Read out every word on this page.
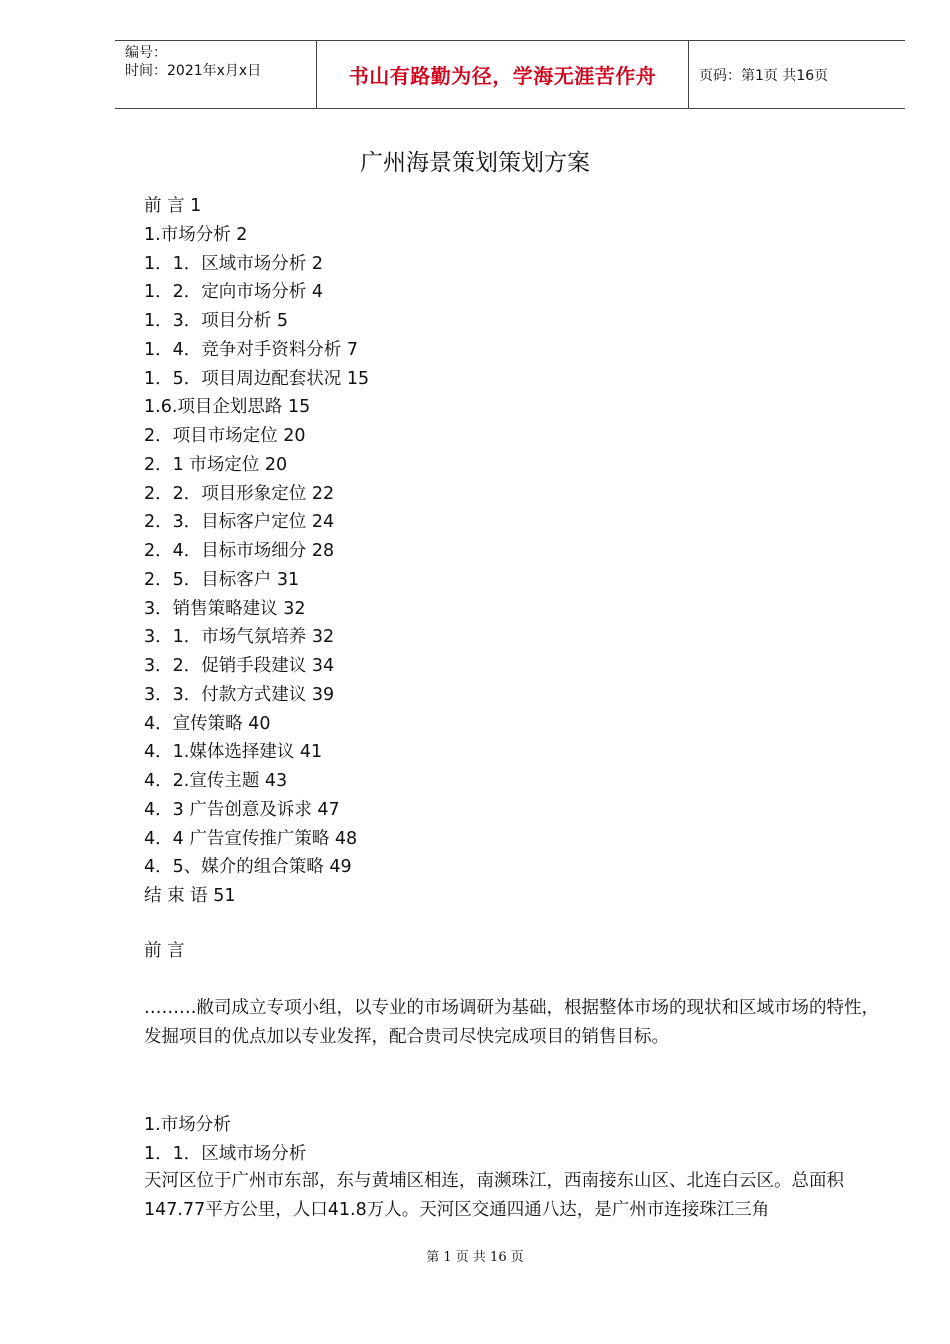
编号：
时间：2021年x月x日	书山有路勤为径，学海无涯苦作舟	页码：第1页 共16页
广州海景策划策划方案
前 言 1
1.市场分析 2
1．1．区域市场分析 2
1．2．定向市场分析 4
1．3．项目分析 5
1．4．竞争对手资料分析 7
1．5．项目周边配套状况 15
1.6.项目企划思路 15
2．项目市场定位 20
2．1 市场定位 20
2．2．项目形象定位 22
2．3．目标客户定位 24
2．4．目标市场细分 28
2．5．目标客户 31
3．销售策略建议 32
3．1．市场气氛培养 32
3．2．促销手段建议 34
3．3．付款方式建议 39
4．宣传策略 40
4．1.媒体选择建议 41
4．2.宣传主题 43
4．3 广告创意及诉求 47
4．4 广告宣传推广策略 48
4．5、媒介的组合策略 49
结 束 语 51
前 言

………敝司成立专项小组，以专业的市场调研为基础，根据整体市场的现状和区域市场的特性，发掘项目的优点加以专业发挥，配合贵司尽快完成项目的销售目标。

1.市场分析
1．1．区域市场分析

天河区位于广州市东部，东与黄埔区相连，南濒珠江，西南接东山区、北连白云区。总面积147.77平方公里，人口41.8万人。天河区交通四通八达，是广州市连接珠江三角

第 1 页 共 16 页
